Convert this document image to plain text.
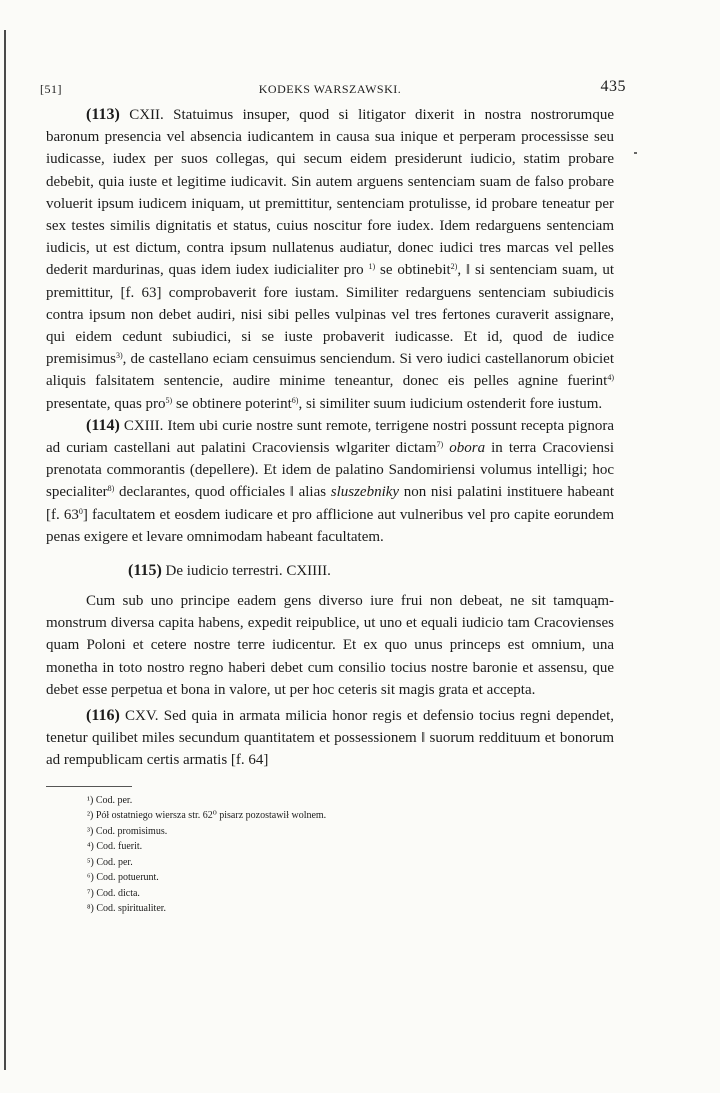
[51]	KODEKS WARSZAWSKI.	435

(113) CXII. Statuimus insuper, quod si litigator dixerit in nostra nostrorumque baronum presencia vel absencia iudicantem in causa sua inique et perperam processisse seu iudicasse, iudex per suos collegas, qui secum eidem presiderunt iudicio, statim probare debebit, quia iuste et legitime iudicavit. Sin autem arguens sentenciam suam de falso probare voluerit ipsum iudicem iniquam, ut premittitur, sentenciam protulisse, id probare teneatur per sex testes similis dignitatis et status, cuius noscitur fore iudex. Idem redarguens sentenciam iudicis, ut est dictum, contra ipsum nullatenus audiatur, donec iudici tres marcas vel pelles dederit mardurinas, quas idem iudex iudicialiter pro $^{1)}$ se obtinebit$^{2)}$, ‖ si sentenciam suam, ut premittitur, [f. 63] comprobaverit fore iustam. Similiter redarguens sentenciam subiudicis contra ipsum non debet audiri, nisi sibi pelles vulpinas vel tres fertones curaverit assignare, qui eidem cedunt subiudici, si se iuste probaverit iudicasse. Et id, quod de iudice premisimus$^{3)}$, de castellano eciam censuimus senciendum. Si vero iudici castellanorum obiciet aliquis falsitatem sentencie, audire minime teneantur, donec eis pelles agnine fuerint$^{4)}$ presentate, quas pro$^{5)}$ se obtinere poterint$^{6)}$, si similiter suum iudicium ostenderit fore iustum.

(114) CXIII. Item ubi curie nostre sunt remote, terrigene nostri possunt recepta pignora ad curiam castellani aut palatini Cracoviensis wlgariter dictam$^{7)}$ obora in terra Cracoviensi prenotata commorantis (depellere). Et idem de palatino Sandomiriensi volumus intelligi; hoc specialiter$^{8)}$ declarantes, quod officiales ‖ alias sluszebniky non nisi palatini instituere habeant [f. $63^0$] facultatem et eosdem iudicare et pro afflicione aut vulneribus vel pro capite eorundem penas exigere et levare omnimodam habeant facultatem.

(115) De iudicio terrestri. CXIIII.

Cum sub uno principe eadem gens diverso iure frui non debeat, ne sit tamquam-monstrum diversa capita habens, expedit reipublice, ut uno et equali iudicio tam Cracovienses quam Poloni et cetere nostre terre iudicentur. Et ex quo unus princeps est omnium, una monetha in toto nostro regno haberi debet cum consilio tocius nostre baronie et assensu, que debet esse perpetua et bona in valore, ut per hoc ceteris sit magis grata et accepta.

(116) CXV. Sed quia in armata milicia honor regis et defensio tocius regni dependet, tenetur quilibet miles secundum quantitatem et possessionem ‖ suorum reddituum et bonorum ad rempublicam certis armatis [f. 64]

¹) Cod. per.
²) Pół ostatniego wiersza str. 62⁰ pisarz pozostawił wolnem.
³) Cod. promisimus.
⁴) Cod. fuerit.
⁵) Cod. per.
⁶) Cod. potuerunt.
⁷) Cod. dicta.
⁸) Cod. spiritualiter.
